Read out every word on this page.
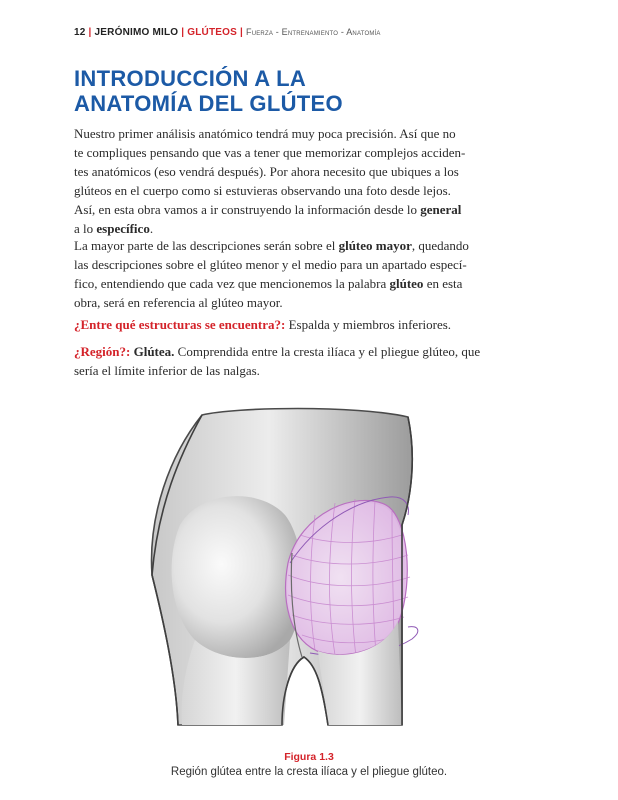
12 | JERÓNIMO MILO | GLÚTEOS | Fuerza - Entrenamiento - Anatomía
INTRODUCCIÓN A LA
ANATOMÍA DEL GLÚTEO

Nuestro primer análisis anatómico tendrá muy poca precisión. Así que no
te compliques pensando que vas a tener que memorizar complejos acciden-
tes anatómicos (eso vendrá después). Por ahora necesito que ubiques a los
glúteos en el cuerpo como si estuvieras observando una foto desde lejos.
Así, en esta obra vamos a ir construyendo la información desde lo general
a lo específico.

La mayor parte de las descripciones serán sobre el glúteo mayor, quedando
las descripciones sobre el glúteo menor y el medio para un apartado especí-
fico, entendiendo que cada vez que mencionemos la palabra glúteo en esta
obra, será en referencia al glúteo mayor.

¿Entre qué estructuras se encuentra?: Espalda y miembros inferiores.

¿Región?: Glútea. Comprendida entre la cresta ilíaca y el pliegue glúteo, que
sería el límite inferior de las nalgas.

Figura 1.3
Región glútea entre la cresta ilíaca y el pliegue glúteo.
